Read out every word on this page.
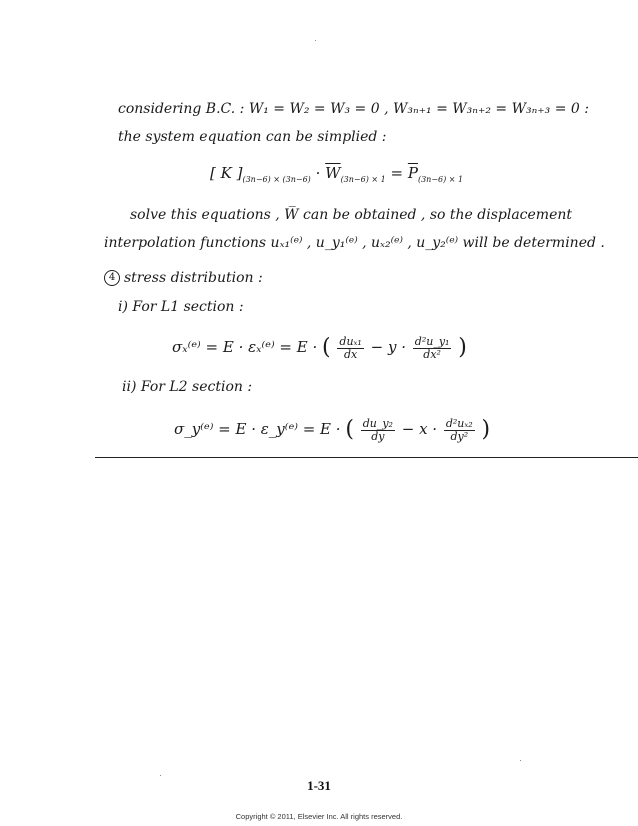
considering B.C. : W₁ = W₂ = W₃ = 0 , W₃ₙ₊₁ = W₃ₙ₊₂ = W₃ₙ₊₃ = 0 :
the system equation can be simplied :
[ K ]$_{(3n-6) \times (3n-6)} \cdot \overline{W}_{(3n-6) \times 1} = \overline{P}_{(3n-6) \times 1}$
solve this equations , W̅ can be obtained , so the displacement
interpolation functions uₓ₁⁽ᵉ⁾ , u_y₁⁽ᵉ⁾ , uₓ₂⁽ᵉ⁾ , u_y₂⁽ᵉ⁾ will be determined .
4 stress distribution :
i) For L1 section :
σₓ⁽ᵉ⁾ = E · εₓ⁽ᵉ⁾ = E · ( $\frac{\text{duₓ₁}}{dx} - y \cdot \frac{\text{d²u\_y₁}}{\text{dx²}}$ )
ii) For L2 section :
σ_y⁽ᵉ⁾ = E · ε_y⁽ᵉ⁾ = E · ( $\frac{\text{du\_y₂}}{dy} - x \cdot \frac{\text{d²uₓ₂}}{\text{dy²}}$ )
1-31
Copyright © 2011, Elsevier Inc. All rights reserved.
